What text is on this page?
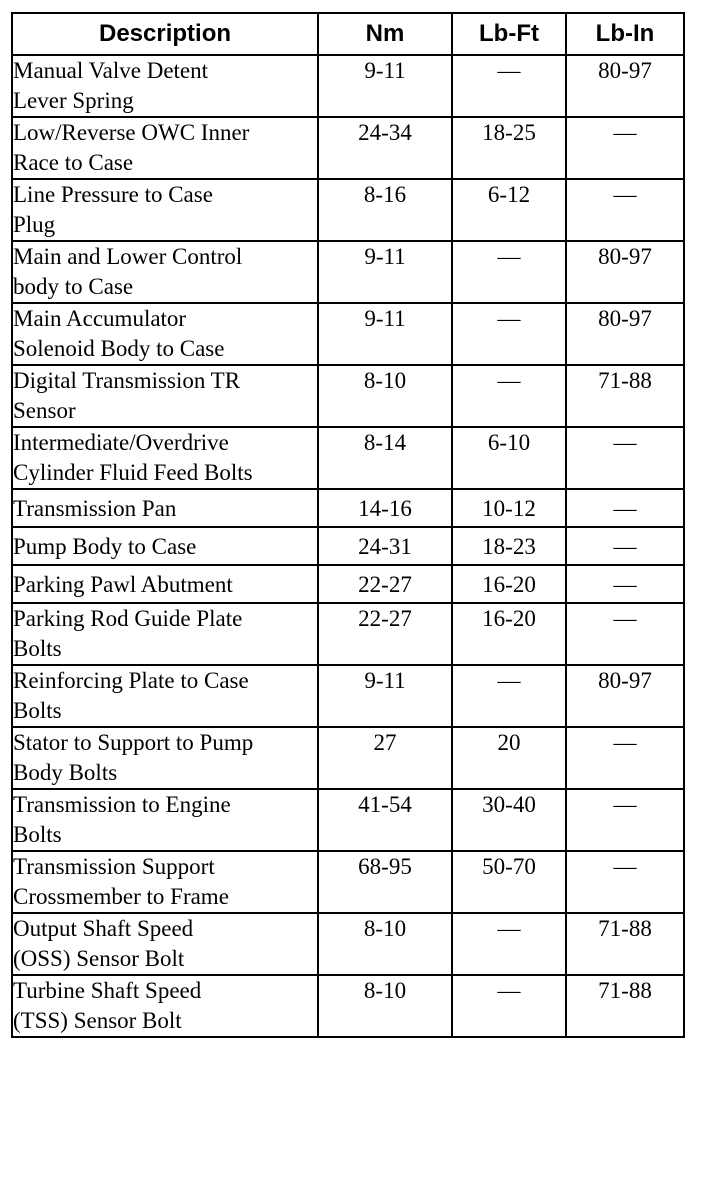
Description	Nm	Lb-Ft	Lb-In

Manual Valve Detent
Lever Spring	9-11	—	80-97

Low/Reverse OWC Inner
Race to Case	24-34	18-25	—

Line Pressure to Case
Plug	8-16	6-12	—

Main and Lower Control
body to Case	9-11	—	80-97

Main Accumulator
Solenoid Body to Case	9-11	—	80-97

Digital Transmission TR
Sensor	8-10	—	71-88

Intermediate/Overdrive
Cylinder Fluid Feed Bolts	8-14	6-10	—

Transmission Pan	14-16	10-12	—

Pump Body to Case	24-31	18-23	—

Parking Pawl Abutment	22-27	16-20	—

Parking Rod Guide Plate
Bolts	22-27	16-20	—

Reinforcing Plate to Case
Bolts	9-11	—	80-97

Stator to Support to Pump
Body Bolts	27	20	—

Transmission to Engine
Bolts	41-54	30-40	—

Transmission Support
Crossmember to Frame	68-95	50-70	—

Output Shaft Speed
(OSS) Sensor Bolt	8-10	—	71-88

Turbine Shaft Speed
(TSS) Sensor Bolt	8-10	—	71-88
